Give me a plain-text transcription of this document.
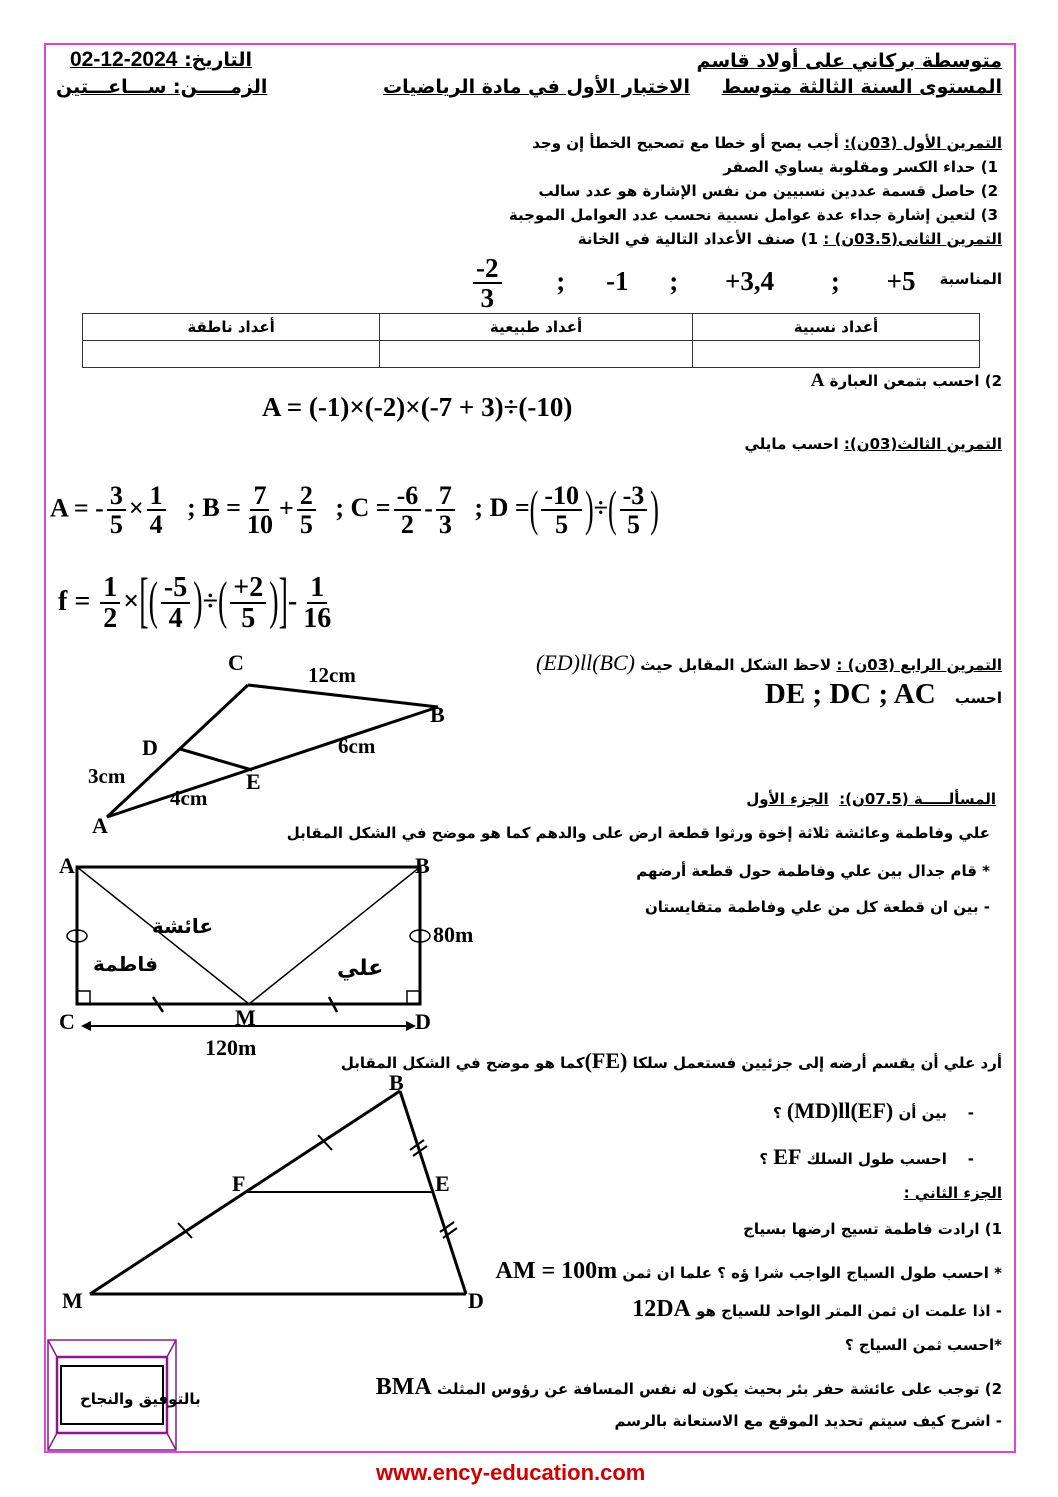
متوسطة بركاني على أولاد قاسم
المستوى السنة الثالثة متوسط
الاختبار الأول في مادة الرياضيات
التاريخ: 2024-12-02
الزمـــــن: ســـاعـــتين
التمرين الأول (03ن): أجب يصح أو خطا مع تصحيح الخطأ إن وجد
1) حداء الكسر ومقلوبة يساوي الصفر
2) حاصل قسمة عددين نسبيين من نفس الإشارة هو عدد سالب
3) لتعين إشارة جداء عدة عوامل نسبية نحسب عدد العوامل الموجبة
التمرين الثانى(03.5ن) : 1) صنف الأعداد التالية في الخانة
المناسبة
$\frac{-2}{3}$ ; -1 ; +3,4 ; +5
أعداد نسبية	أعداد طبيعية	أعداد ناطقة

2) احسب بتمعن العبارة A
A = (-1)×(-2)×(-7 + 3)÷(-10)
التمرين الثالث(03ن): احسب مايلي
A = - $\frac{3}{5} \times \frac{1}{4}$ ; $B = \frac{7}{10} + \frac{2}{5}$ ; $C = \frac{-6}{2} - \frac{7}{3}$ ; D =( $\frac{-10}{5}$ )÷( $\frac{-3}{5}$ )
$f = \frac{1}{2}$ ×[( $\frac{-5}{4}$ )÷( $\frac{+2}{5}$ )]- $\frac{1}{16}$
التمرين الرابع (03ن) : لاحظ الشكل المقابل حيث (ED)ll(BC)
احسب DE ; DC ; AC
C
B
D
E
A
12cm
6cm
3cm
4cm	المسألـــــة (07.5ن):  الجزء الأول
علي وفاطمة وعائشة ثلاثة إخوة ورثوا قطعة ارض على والدهم كما هو موضح في الشكل المقابل
* قام جدال بين علي وفاطمة حول قطعة أرضهم
- بين ان قطعة كل من علي وفاطمة متقايستان
A	B
C	M	D
80m
120m
عائشة
فاطمة	علي
أرد علي أن يقسم أرضه إلى جزئيين فستعمل سلكا (FE)كما هو موضح في الشكل المقابل
-    بين أن (MD)ll(EF) ؟
-    احسب طول السلك EF ؟
B
F	E
M	D
الجزء الثاني :
1) ارادت فاطمة تسيج ارضها بسياج
* احسب طول السياج الواجب شرا ؤه ؟ علما ان ثمن AM = 100m
- اذا علمت ان ثمن المتر الواحد للسياج هو 12DA
*احسب ثمن السياج ؟
2) توجب على عائشة حفر بئر بحيث يكون له نفس المسافة عن رؤوس المثلث BMA
- اشرح كيف سيتم تحديد الموقع مع الاستعانة بالرسم
بالتوفيق والنجاح
www.ency-education.com
